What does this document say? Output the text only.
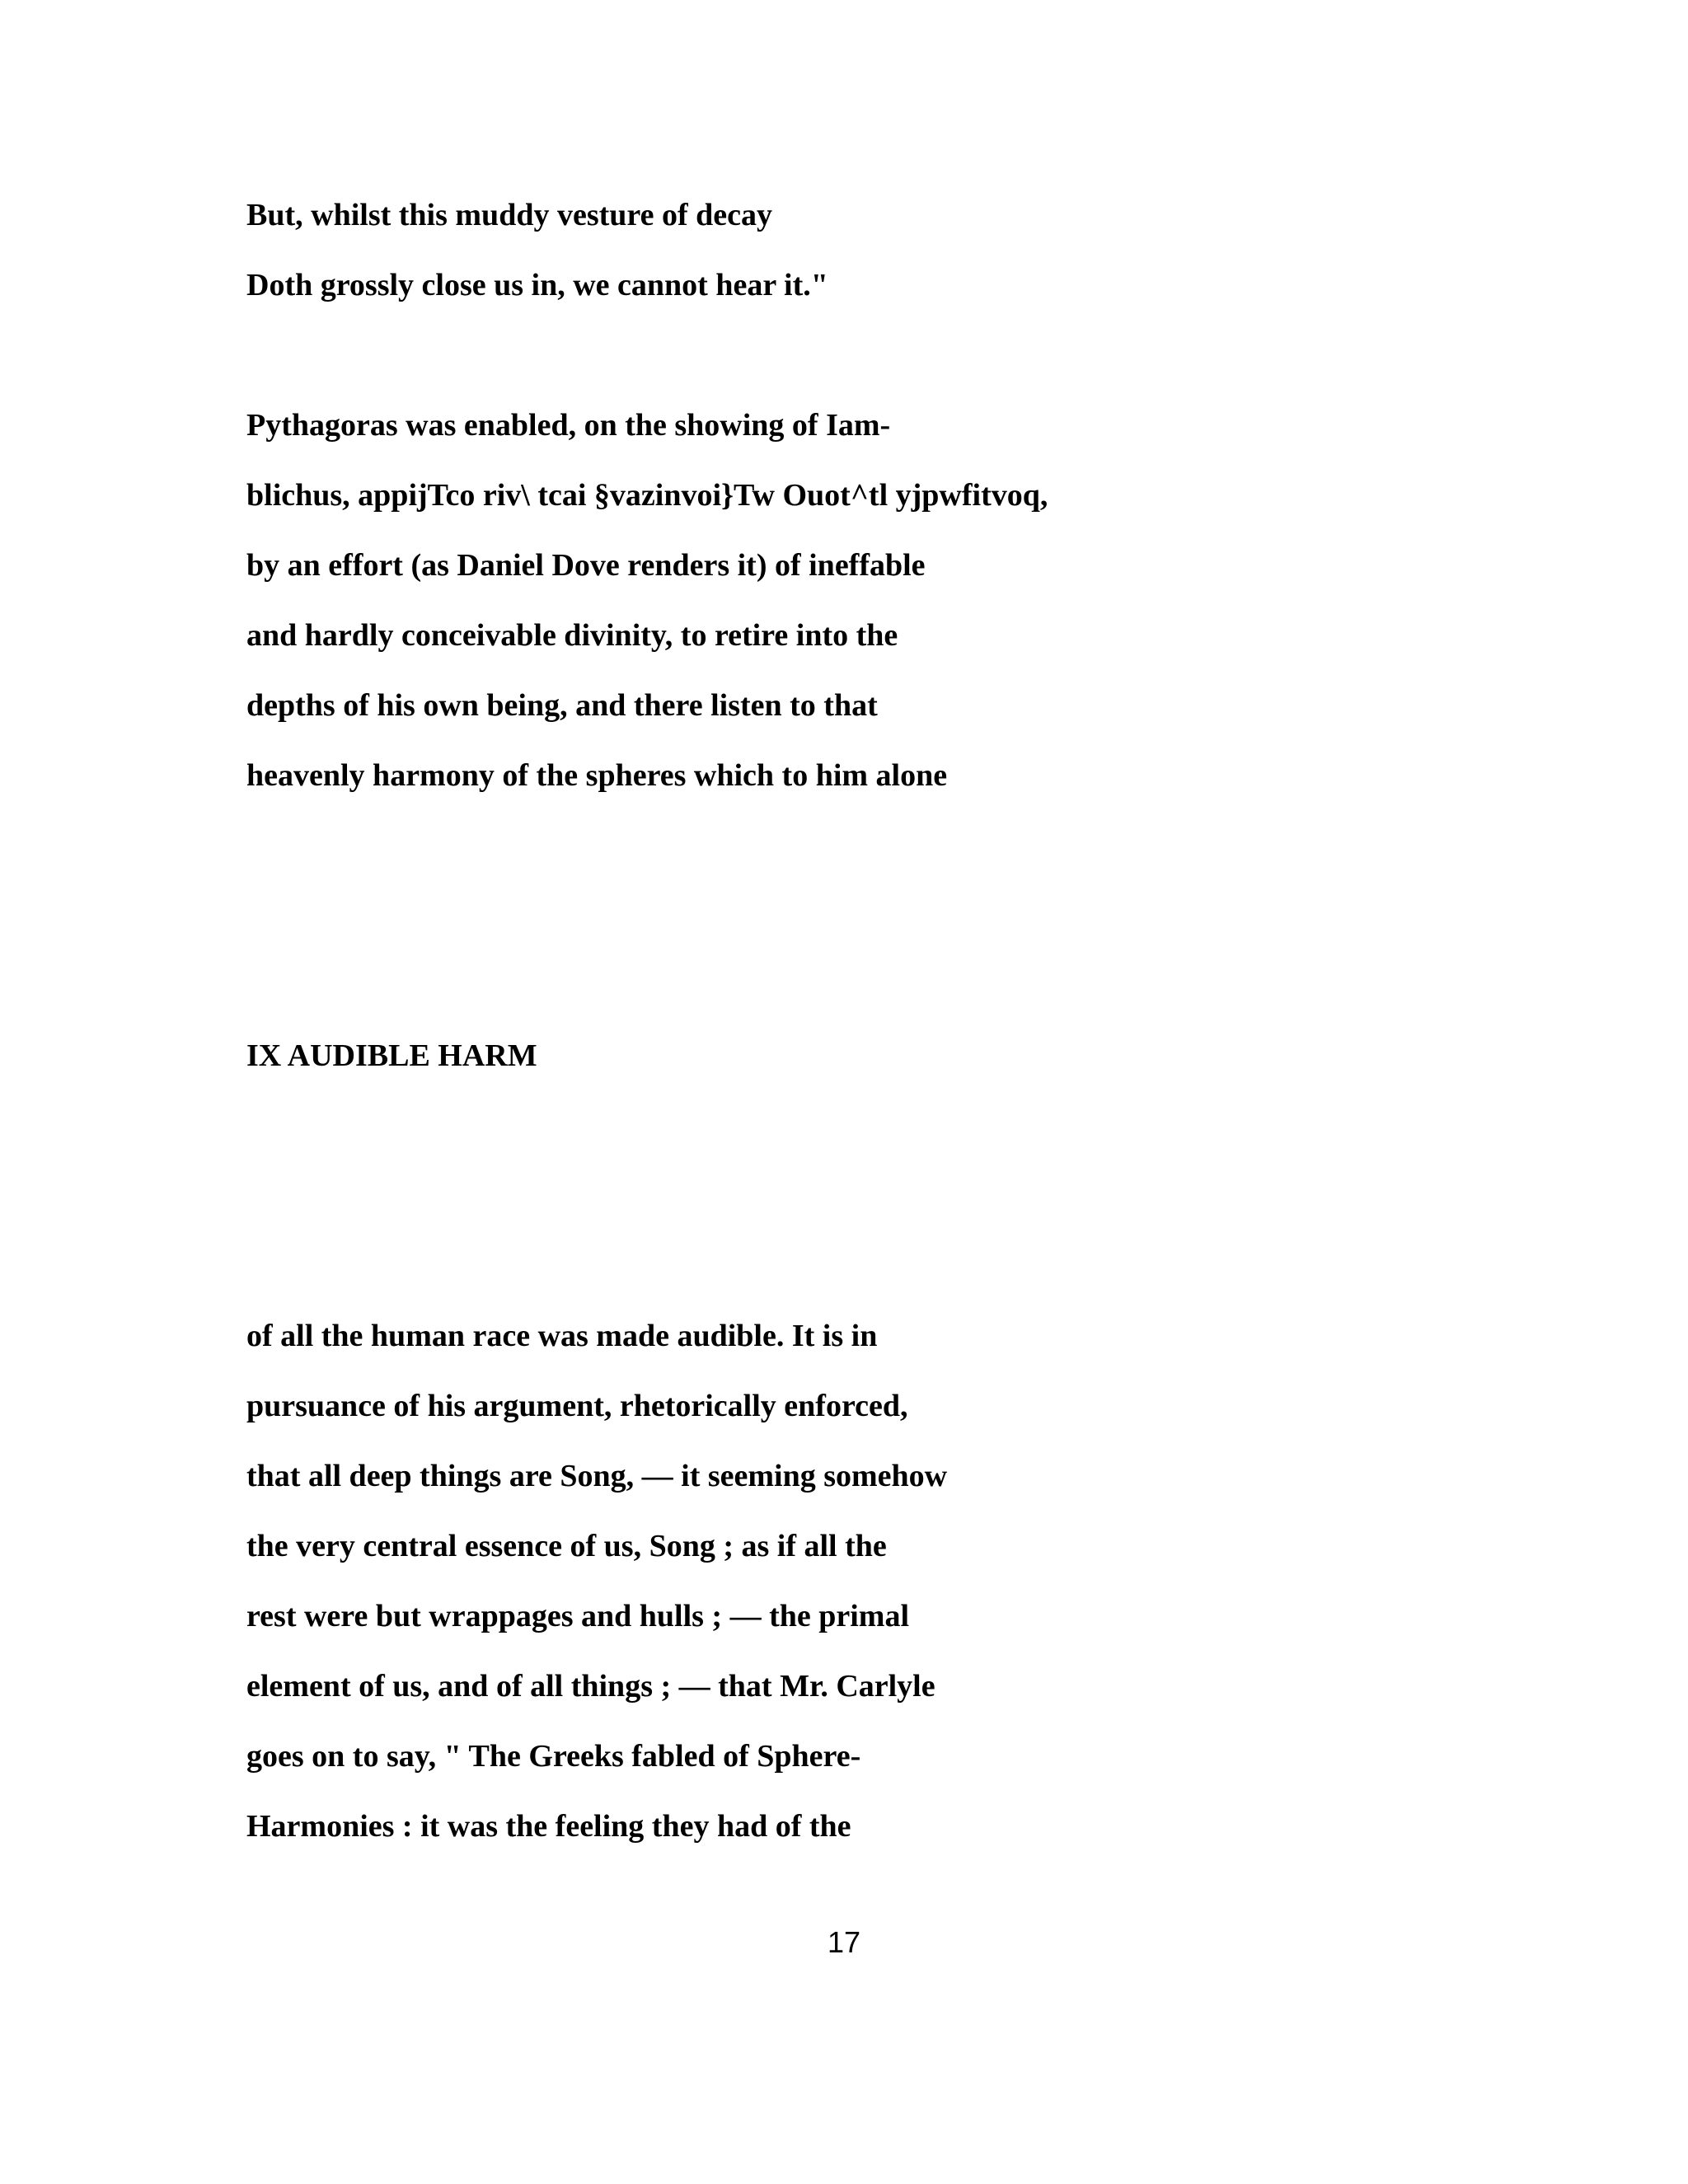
But, whilst this muddy vesture of decay

Doth grossly close us in, we cannot hear it."

Pythagoras was enabled, on the showing of Iam-

blichus, appijTco riv\ tcai §vazinvoi}Tw Ouot^tl yjpwfitvoq,

by an effort (as Daniel Dove renders it) of ineffable

and hardly conceivable divinity, to retire into the

depths of his own being, and there listen to that

heavenly harmony of the spheres which to him alone

IX AUDIBLE HARM

of all the human race was made audible. It is in

pursuance of his argument, rhetorically enforced,

that all deep things are Song, — it seeming somehow

the very central essence of us, Song ; as if all the

rest were but wrappages and hulls ; — the primal

element of us, and of all things ; — that Mr. Carlyle

goes on to say, " The Greeks fabled of Sphere-

Harmonies : it was the feeling they had of the

17
